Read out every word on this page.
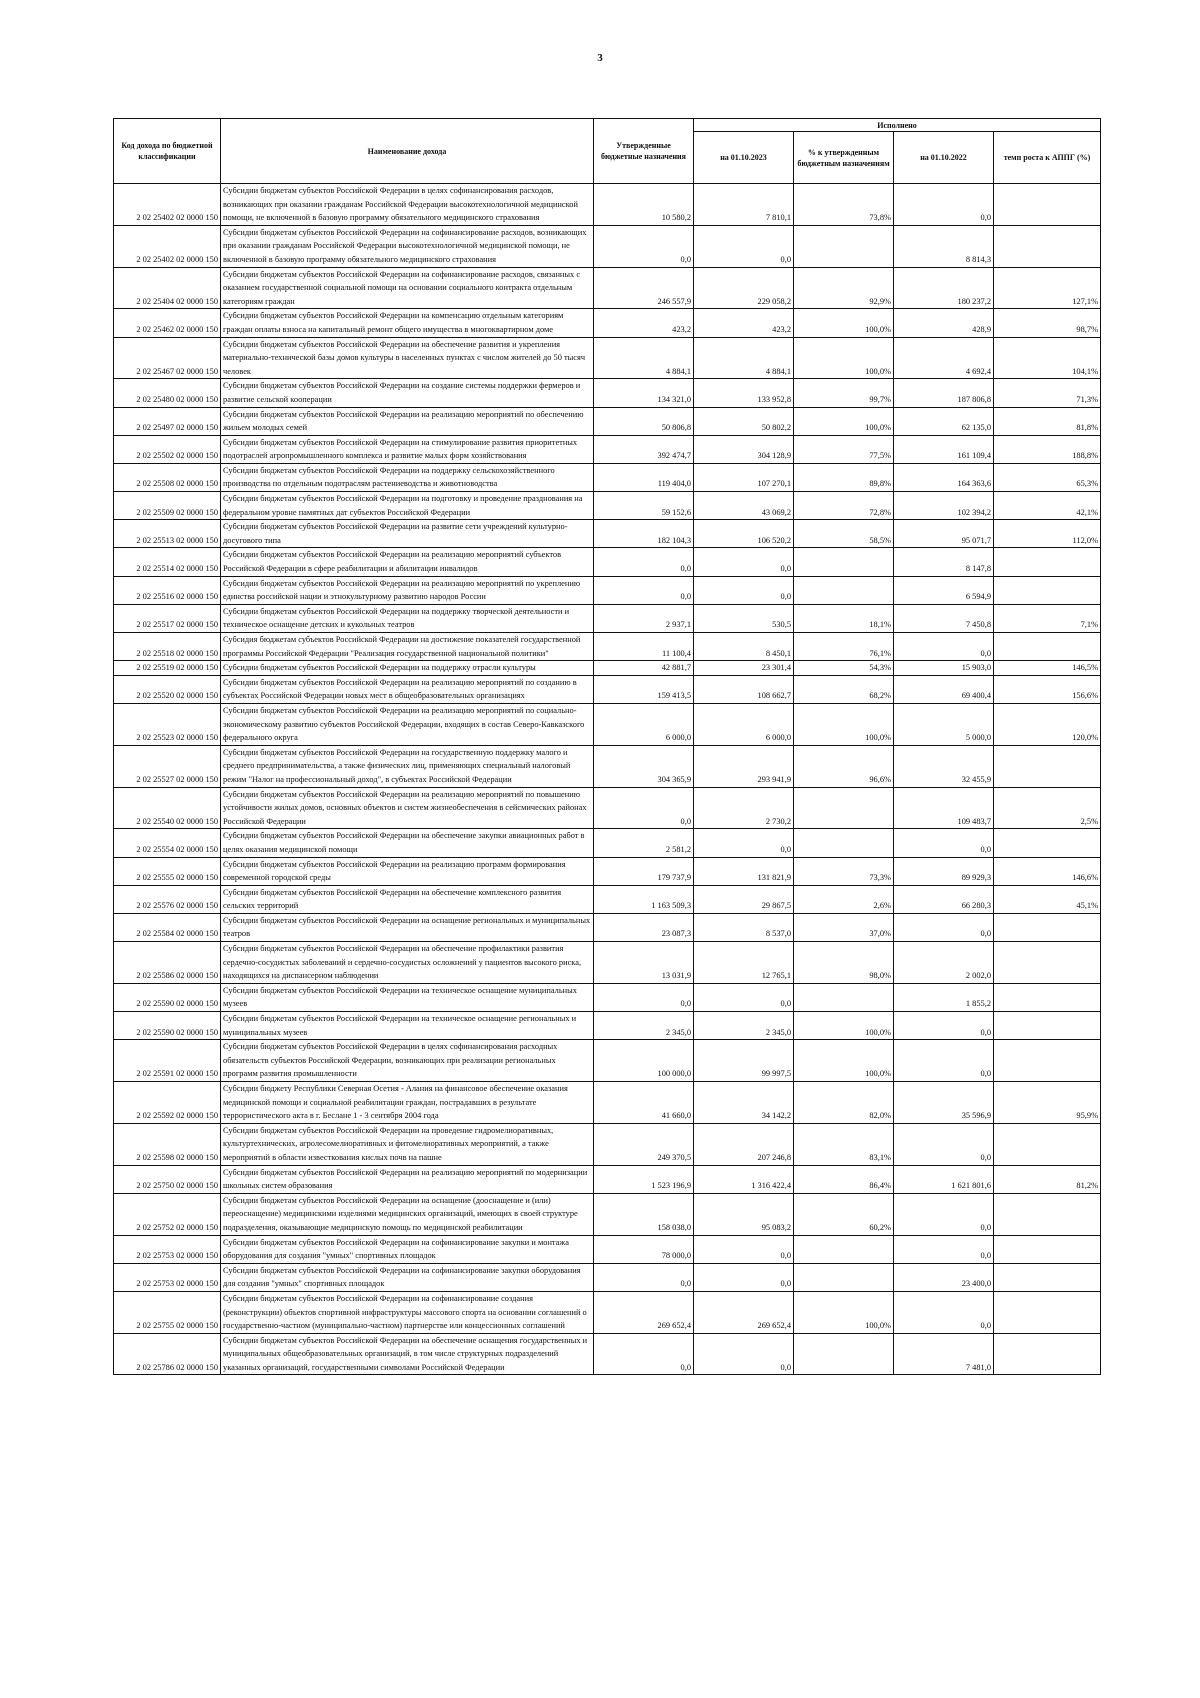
3
Код дохода по бюджетной классификации	Наименование дохода	Утвержденные бюджетные назначения	Исполнено			
			на 01.10.2023	% к утвержденным бюджетным назначениям	на 01.10.2022	темп роста к АППГ (%)
2 02 25402 02 0000 150	Субсидии бюджетам субъектов Российской Федерации в целях софинансирования расходов, возникающих при оказании гражданам Российской Федерации высокотехнологичной медицинской помощи, не включенной в базовую программу обязательного медицинского страхования	10 580,2	7 810,1	73,8%	0,0	
2 02 25402 02 0000 150	Субсидии бюджетам субъектов Российской Федерации на софинансирование расходов, возникающих при оказании гражданам Российской Федерации высокотехнологичной медицинской помощи, не включенной в базовую программу обязательного медицинского страхования	0,0	0,0		8 814,3	
2 02 25404 02 0000 150	Субсидии бюджетам субъектов Российской Федерации на софинансирование расходов, связанных с оказанием государственной социальной помощи на основании социального контракта отдельным категориям граждан	246 557,9	229 058,2	92,9%	180 237,2	127,1%
2 02 25462 02 0000 150	Субсидии бюджетам субъектов Российской Федерации на компенсацию отдельным категориям граждан оплаты взноса на капитальный ремонт общего имущества в многоквартирном доме	423,2	423,2	100,0%	428,9	98,7%
2 02 25467 02 0000 150	Субсидии бюджетам субъектов Российской Федерации на обеспечение развития и укрепления материально-технической базы домов культуры в населенных пунктах с числом жителей до 50 тысяч человек	4 884,1	4 884,1	100,0%	4 692,4	104,1%
2 02 25480 02 0000 150	Субсидии бюджетам субъектов Российской Федерации на создание системы поддержки фермеров и развитие сельской кооперации	134 321,0	133 952,8	99,7%	187 806,8	71,3%
2 02 25497 02 0000 150	Субсидии бюджетам субъектов Российской Федерации на реализацию мероприятий по обеспечению жильем молодых семей	50 806,8	50 802,2	100,0%	62 135,0	81,8%
2 02 25502 02 0000 150	Субсидии бюджетам субъектов Российской Федерации на стимулирование развития приоритетных подотраслей агропромышленного комплекса и развитие малых форм хозяйствования	392 474,7	304 128,9	77,5%	161 109,4	188,8%
2 02 25508 02 0000 150	Субсидии бюджетам субъектов Российской Федерации на поддержку сельскохозяйственного производства по отдельным подотраслям растениеводства и животноводства	119 404,0	107 270,1	89,8%	164 363,6	65,3%
2 02 25509 02 0000 150	Субсидии бюджетам субъектов Российской Федерации на подготовку и проведение празднования на федеральном уровне памятных дат субъектов Российской Федерации	59 152,6	43 069,2	72,8%	102 394,2	42,1%
2 02 25513 02 0000 150	Субсидии бюджетам субъектов Российской Федерации на развитие сети учреждений культурно-досугового типа	182 104,3	106 520,2	58,5%	95 071,7	112,0%
2 02 25514 02 0000 150	Субсидии бюджетам субъектов Российской Федерации на реализацию мероприятий субъектов Российской Федерации в сфере реабилитации и абилитации инвалидов	0,0	0,0		8 147,8	
2 02 25516 02 0000 150	Субсидии бюджетам субъектов Российской Федерации на реализацию мероприятий по укреплению единства российской нации и этнокультурному развитию народов России	0,0	0,0		6 594,9	
2 02 25517 02 0000 150	Субсидии бюджетам субъектов Российской Федерации на поддержку творческой деятельности и техническое оснащение детских и кукольных театров	2 937,1	530,5	18,1%	7 450,8	7,1%
2 02 25518 02 0000 150	Субсидия бюджетам субъектов Российской Федерации на достижение показателей государственной программы Российской Федерации "Реализация государственной национальной политики"	11 100,4	8 450,1	76,1%	0,0	
2 02 25519 02 0000 150	Субсидии бюджетам субъектов Российской Федерации на поддержку отрасли культуры	42 881,7	23 301,4	54,3%	15 903,0	146,5%
2 02 25520 02 0000 150	Субсидии бюджетам субъектов Российской Федерации на реализацию мероприятий по созданию в субъектах Российской Федерации новых мест в общеобразовательных организациях	159 413,5	108 662,7	68,2%	69 400,4	156,6%
2 02 25523 02 0000 150	Субсидии бюджетам субъектов Российской Федерации на реализацию мероприятий по социально-экономическому развитию субъектов Российской Федерации, входящих в состав Северо-Кавказского федерального округа	6 000,0	6 000,0	100,0%	5 000,0	120,0%
2 02 25527 02 0000 150	Субсидии бюджетам субъектов Российской Федерации на государственную поддержку малого и среднего предпринимательства, а также физических лиц, применяющих специальный налоговый режим "Налог на профессиональный доход", в субъектах Российской Федерации	304 365,9	293 941,9	96,6%	32 455,9	
2 02 25540 02 0000 150	Субсидии бюджетам субъектов Российской Федерации на реализацию мероприятий по повышению устойчивости жилых домов, основных объектов и систем жизнеобеспечения в сейсмических районах Российской Федерации	0,0	2 730,2		109 483,7	2,5%
2 02 25554 02 0000 150	Субсидии бюджетам субъектов Российской Федерации на обеспечение закупки авиационных работ в целях оказания медицинской помощи	2 581,2	0,0		0,0	
2 02 25555 02 0000 150	Субсидии бюджетам субъектов Российской Федерации на реализацию программ формирования современной городской среды	179 737,9	131 821,9	73,3%	89 929,3	146,6%
2 02 25576 02 0000 150	Субсидии бюджетам субъектов Российской Федерации на обеспечение комплексного развития сельских территорий	1 163 509,3	29 867,5	2,6%	66 280,3	45,1%
2 02 25584 02 0000 150	Субсидии бюджетам субъектов Российской Федерации на оснащение региональных и муниципальных театров	23 087,3	8 537,0	37,0%	0,0	
2 02 25586 02 0000 150	Субсидии бюджетам субъектов Российской Федерации на обеспечение профилактики развития сердечно-сосудистых заболеваний и сердечно-сосудистых осложнений у пациентов высокого риска, находящихся на диспансерном наблюдении	13 031,9	12 765,1	98,0%	2 002,0	
2 02 25590 02 0000 150	Субсидии бюджетам субъектов Российской Федерации на техническое оснащение муниципальных музеев	0,0	0,0		1 855,2	
2 02 25590 02 0000 150	Субсидии бюджетам субъектов Российской Федерации на техническое оснащение региональных и муниципальных музеев	2 345,0	2 345,0	100,0%	0,0	
2 02 25591 02 0000 150	Субсидии бюджетам субъектов Российской Федерации в целях софинансирования расходных обязательств субъектов Российской Федерации, возникающих при реализации региональных программ развития промышленности	100 000,0	99 997,5	100,0%	0,0	
2 02 25592 02 0000 150	Субсидии бюджету Республики Северная Осетия - Алания на финансовое обеспечение оказания медицинской помощи и социальной реабилитации граждан, пострадавших в результате террористического акта в г. Беслане 1 - 3 сентября 2004 года	41 660,0	34 142,2	82,0%	35 596,9	95,9%
2 02 25598 02 0000 150	Субсидии бюджетам субъектов Российской Федерации на проведение гидромелиоративных, культуртехнических, агролесомелиоративных и фитомелиоративных мероприятий, а также мероприятий в области известкования кислых почв на пашне	249 370,5	207 246,8	83,1%	0,0	
2 02 25750 02 0000 150	Субсидии бюджетам субъектов Российской Федерации на реализацию мероприятий по модернизации школьных систем образования	1 523 196,9	1 316 422,4	86,4%	1 621 801,6	81,2%
2 02 25752 02 0000 150	Субсидии бюджетам субъектов Российской Федерации на оснащение (дооснащение и (или) переоснащение) медицинскими изделиями медицинских организаций, имеющих в своей структуре подразделения, оказывающие медицинскую помощь по медицинской реабилитации	158 038,0	95 083,2	60,2%	0,0	
2 02 25753 02 0000 150	Субсидии бюджетам субъектов Российской Федерации на софинансирование закупки и монтажа оборудования для создания "умных" спортивных площадок	78 000,0	0,0		0,0	
2 02 25753 02 0000 150	Субсидии бюджетам субъектов Российской Федерации на софинансирование закупки оборудования для создания "умных" спортивных площадок	0,0	0,0		23 400,0	
2 02 25755 02 0000 150	Субсидии бюджетам субъектов Российской Федерации на софинансирование создания (реконструкции) объектов спортивной инфраструктуры массового спорта на основании соглашений о государственно-частном (муниципально-частном) партнерстве или концессионных соглашений	269 652,4	269 652,4	100,0%	0,0	
2 02 25786 02 0000 150	Субсидии бюджетам субъектов Российской Федерации на обеспечение оснащения государственных и муниципальных общеобразовательных организаций, в том числе структурных подразделений указанных организаций, государственными символами Российской Федерации	0,0	0,0		7 481,0	
